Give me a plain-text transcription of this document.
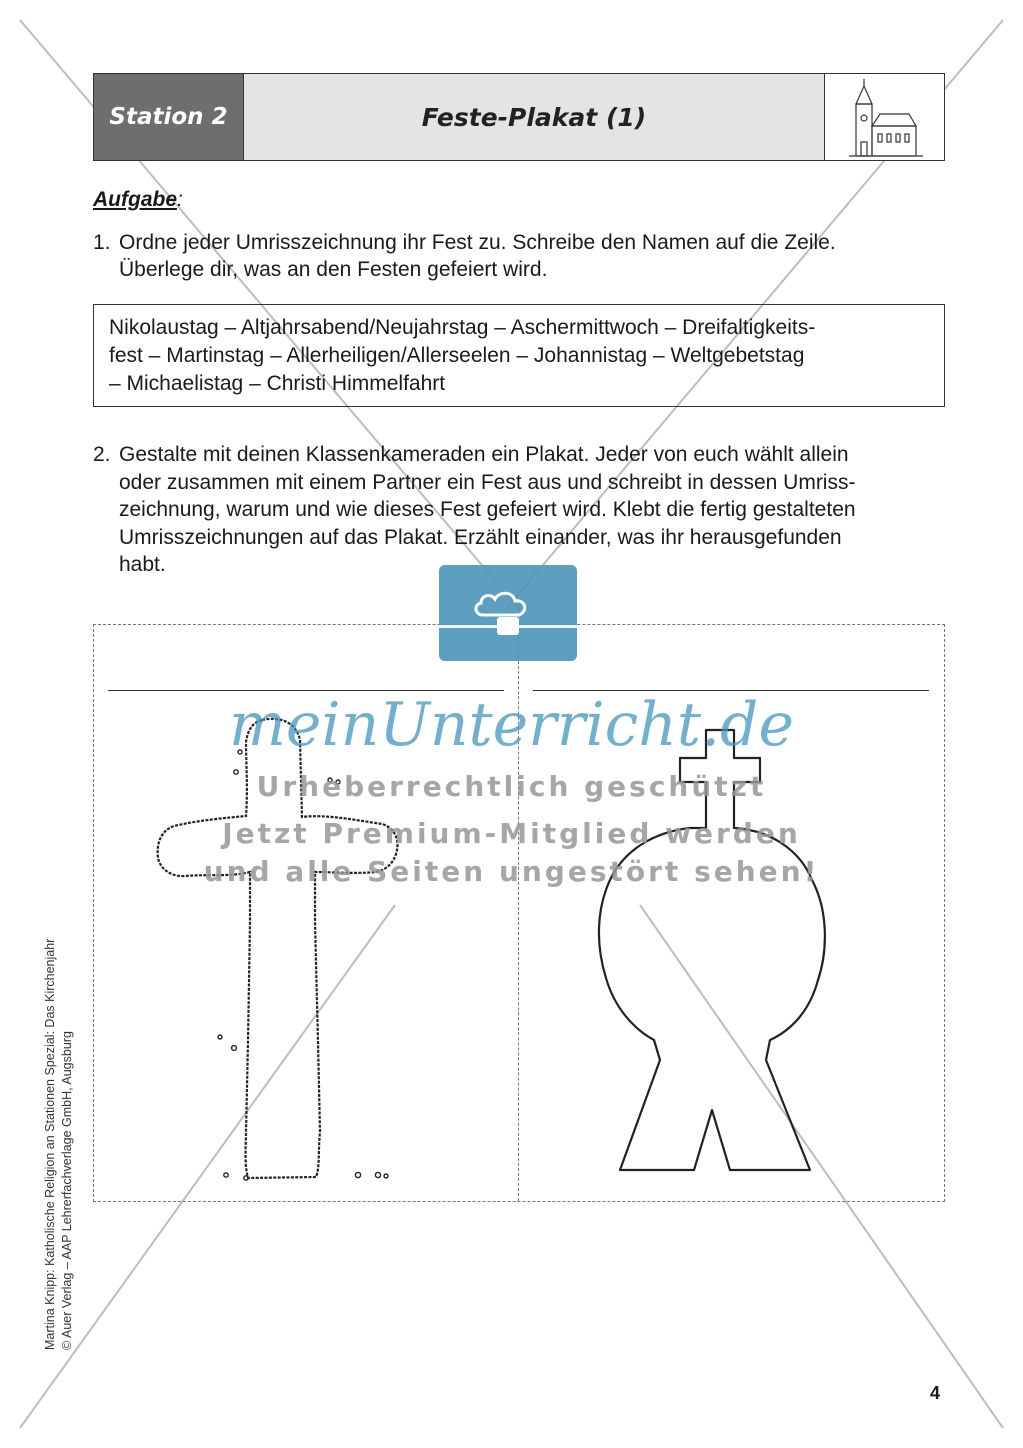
Station 2	Feste-Plakat (1)
Aufgabe:
1. Ordne jeder Umrisszeichnung ihr Fest zu. Schreibe den Namen auf die Zeile.
Überlege dir, was an den Festen gefeiert wird.
Nikolaustag – Altjahrsabend/Neujahrstag – Aschermittwoch – Dreifaltigkeits-
fest – Martinstag – Allerheiligen/Allerseelen – Johannistag – Weltgebetstag
– Michaelistag – Christi Himmelfahrt
2. Gestalte mit deinen Klassenkameraden ein Plakat. Jeder von euch wählt allein
oder zusammen mit einem Partner ein Fest aus und schreibt in dessen Umriss-
zeichnung, warum und wie dieses Fest gefeiert wird. Klebt die fertig gestalteten
Umrisszeichnungen auf das Plakat. Erzählt einander, was ihr herausgefunden
habt.
meinUnterricht.de
Urheberrechtlich geschützt
Jetzt Premium-Mitglied werden
und alle Seiten ungestört sehen!
Martina Knipp: Katholische Religion an Stationen Spezial: Das Kirchenjahr © Auer Verlag – AAP Lehrerfachverlage GmbH, Augsburg
4
